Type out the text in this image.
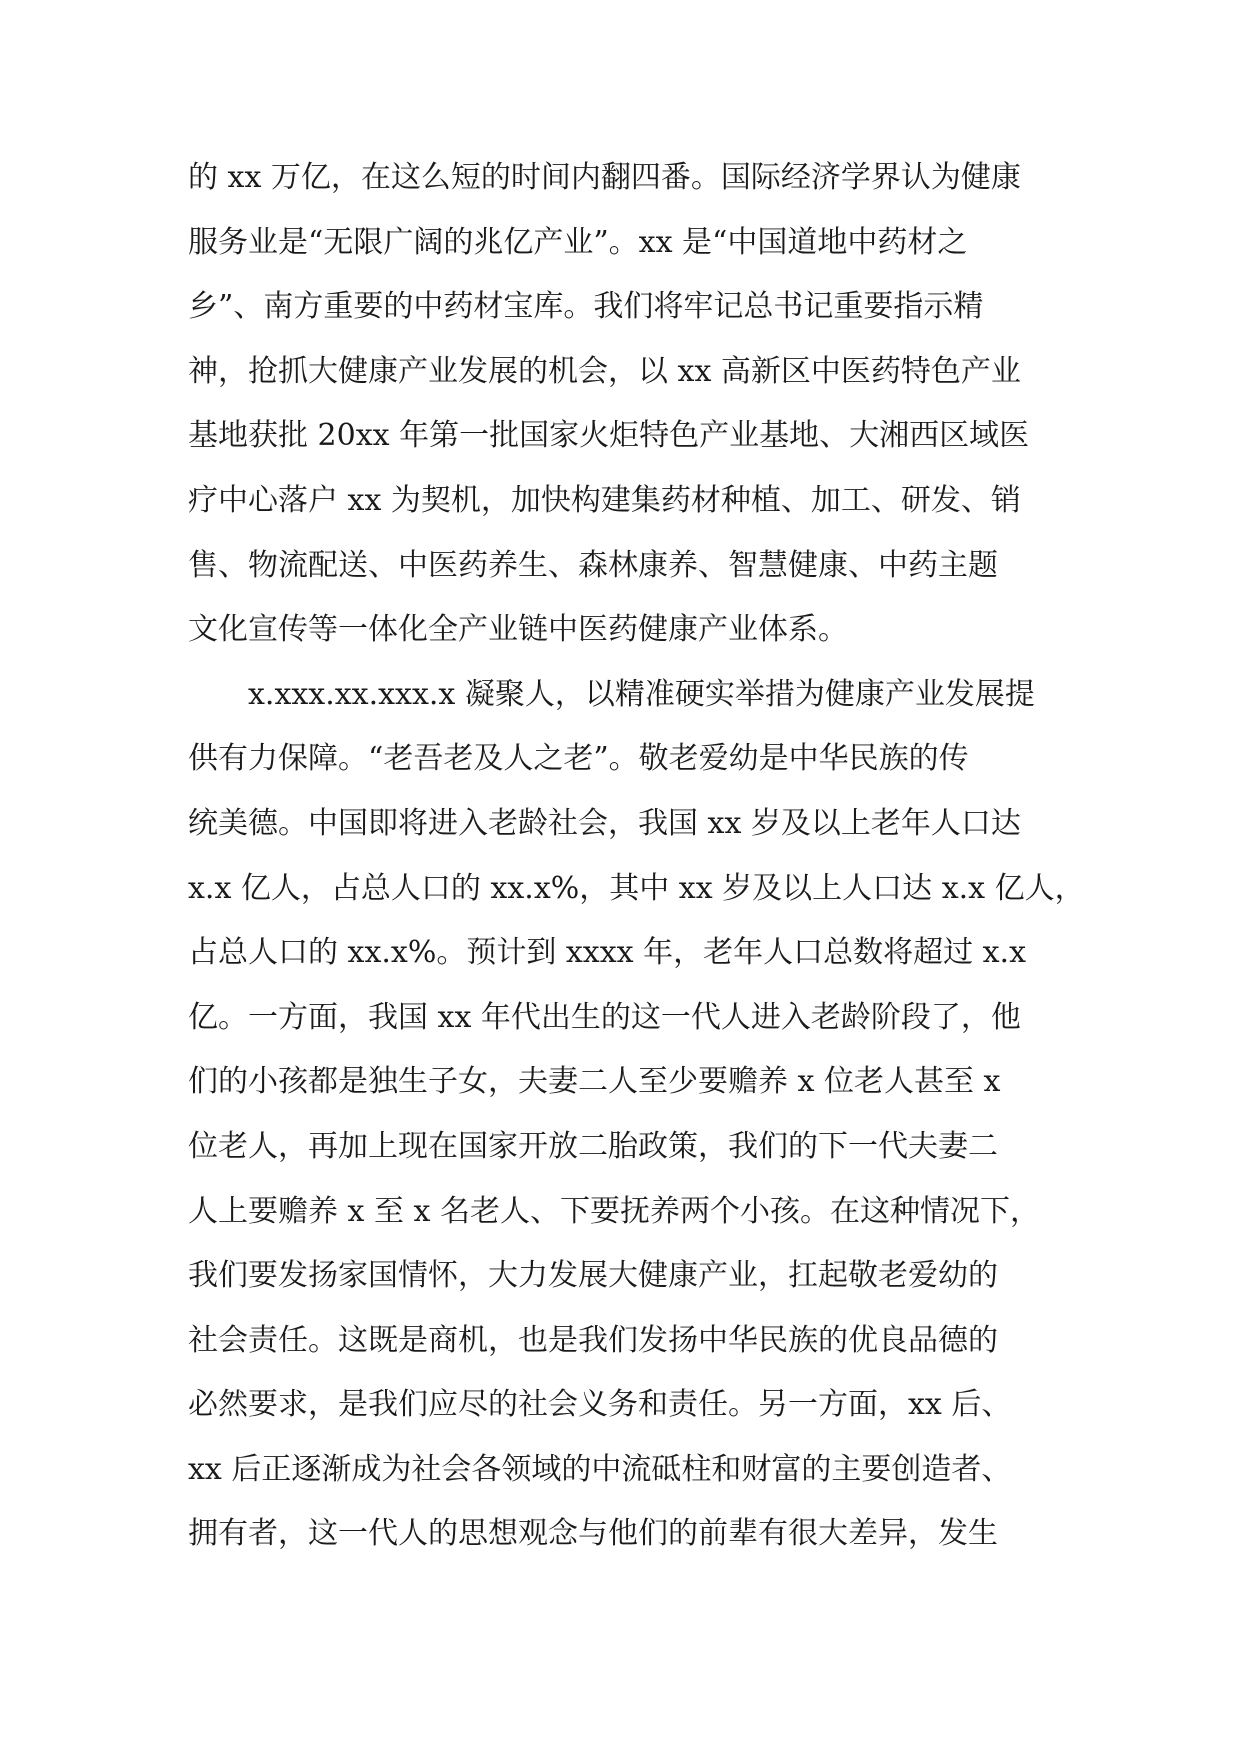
的 xx 万亿，在这么短的时间内翻四番。国际经济学界认为健康
服务业是“无限广阔的兆亿产业”。xx 是“中国道地中药材之
乡”、南方重要的中药材宝库。我们将牢记总书记重要指示精
神，抢抓大健康产业发展的机会，以 xx 高新区中医药特色产业
基地获批 20xx 年第一批国家火炬特色产业基地、大湘西区域医
疗中心落户 xx 为契机，加快构建集药材种植、加工、研发、销
售、物流配送、中医药养生、森林康养、智慧健康、中药主题
文化宣传等一体化全产业链中医药健康产业体系。
x.xxx.xx.xxx.x 凝聚人，以精准硬实举措为健康产业发展提
供有力保障。“老吾老及人之老”。敬老爱幼是中华民族的传
统美德。中国即将进入老龄社会，我国 xx 岁及以上老年人口达
x.x 亿人，占总人口的 xx.x%，其中 xx 岁及以上人口达 x.x 亿人，
占总人口的 xx.x%。预计到 xxxx 年，老年人口总数将超过 x.x
亿。一方面，我国 xx 年代出生的这一代人进入老龄阶段了，他
们的小孩都是独生子女，夫妻二人至少要赡养 x 位老人甚至 x
位老人，再加上现在国家开放二胎政策，我们的下一代夫妻二
人上要赡养 x 至 x 名老人、下要抚养两个小孩。在这种情况下，
我们要发扬家国情怀，大力发展大健康产业，扛起敬老爱幼的
社会责任。这既是商机，也是我们发扬中华民族的优良品德的
必然要求，是我们应尽的社会义务和责任。另一方面，xx 后、
xx 后正逐渐成为社会各领域的中流砥柱和财富的主要创造者、
拥有者，这一代人的思想观念与他们的前辈有很大差异，发生
